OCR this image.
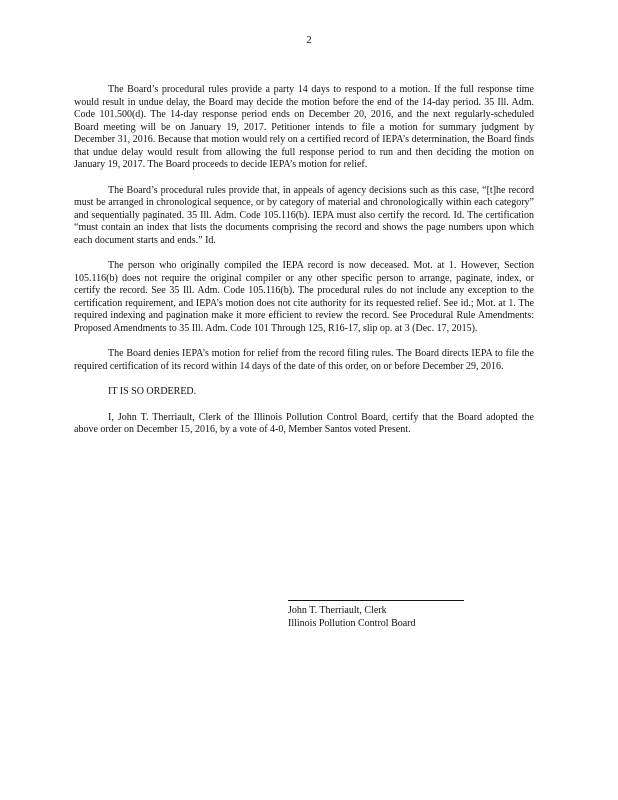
2

The Board’s procedural rules provide a party 14 days to respond to a motion. If the full response time would result in undue delay, the Board may decide the motion before the end of the 14-day period. 35 Ill. Adm. Code 101.500(d). The 14-day response period ends on December 20, 2016, and the next regularly-scheduled Board meeting will be on January 19, 2017. Petitioner intends to file a motion for summary judgment by December 31, 2016. Because that motion would rely on a certified record of IEPA’s determination, the Board finds that undue delay would result from allowing the full response period to run and then deciding the motion on January 19, 2017. The Board proceeds to decide IEPA’s motion for relief.

The Board’s procedural rules provide that, in appeals of agency decisions such as this case, “[t]he record must be arranged in chronological sequence, or by category of material and chronologically within each category” and sequentially paginated. 35 Ill. Adm. Code 105.116(b). IEPA must also certify the record. Id. The certification “must contain an index that lists the documents comprising the record and shows the page numbers upon which each document starts and ends.” Id.

The person who originally compiled the IEPA record is now deceased. Mot. at 1. However, Section 105.116(b) does not require the original compiler or any other specific person to arrange, paginate, index, or certify the record. See 35 Ill. Adm. Code 105.116(b). The procedural rules do not include any exception to the certification requirement, and IEPA’s motion does not cite authority for its requested relief. See id.; Mot. at 1. The required indexing and pagination make it more efficient to review the record. See Procedural Rule Amendments: Proposed Amendments to 35 Ill. Adm. Code 101 Through 125, R16-17, slip op. at 3 (Dec. 17, 2015).

The Board denies IEPA’s motion for relief from the record filing rules. The Board directs IEPA to file the required certification of its record within 14 days of the date of this order, on or before December 29, 2016.

IT IS SO ORDERED.

I, John T. Therriault, Clerk of the Illinois Pollution Control Board, certify that the Board adopted the above order on December 15, 2016, by a vote of 4-0, Member Santos voted Present.

John T. Therriault, Clerk
Illinois Pollution Control Board
